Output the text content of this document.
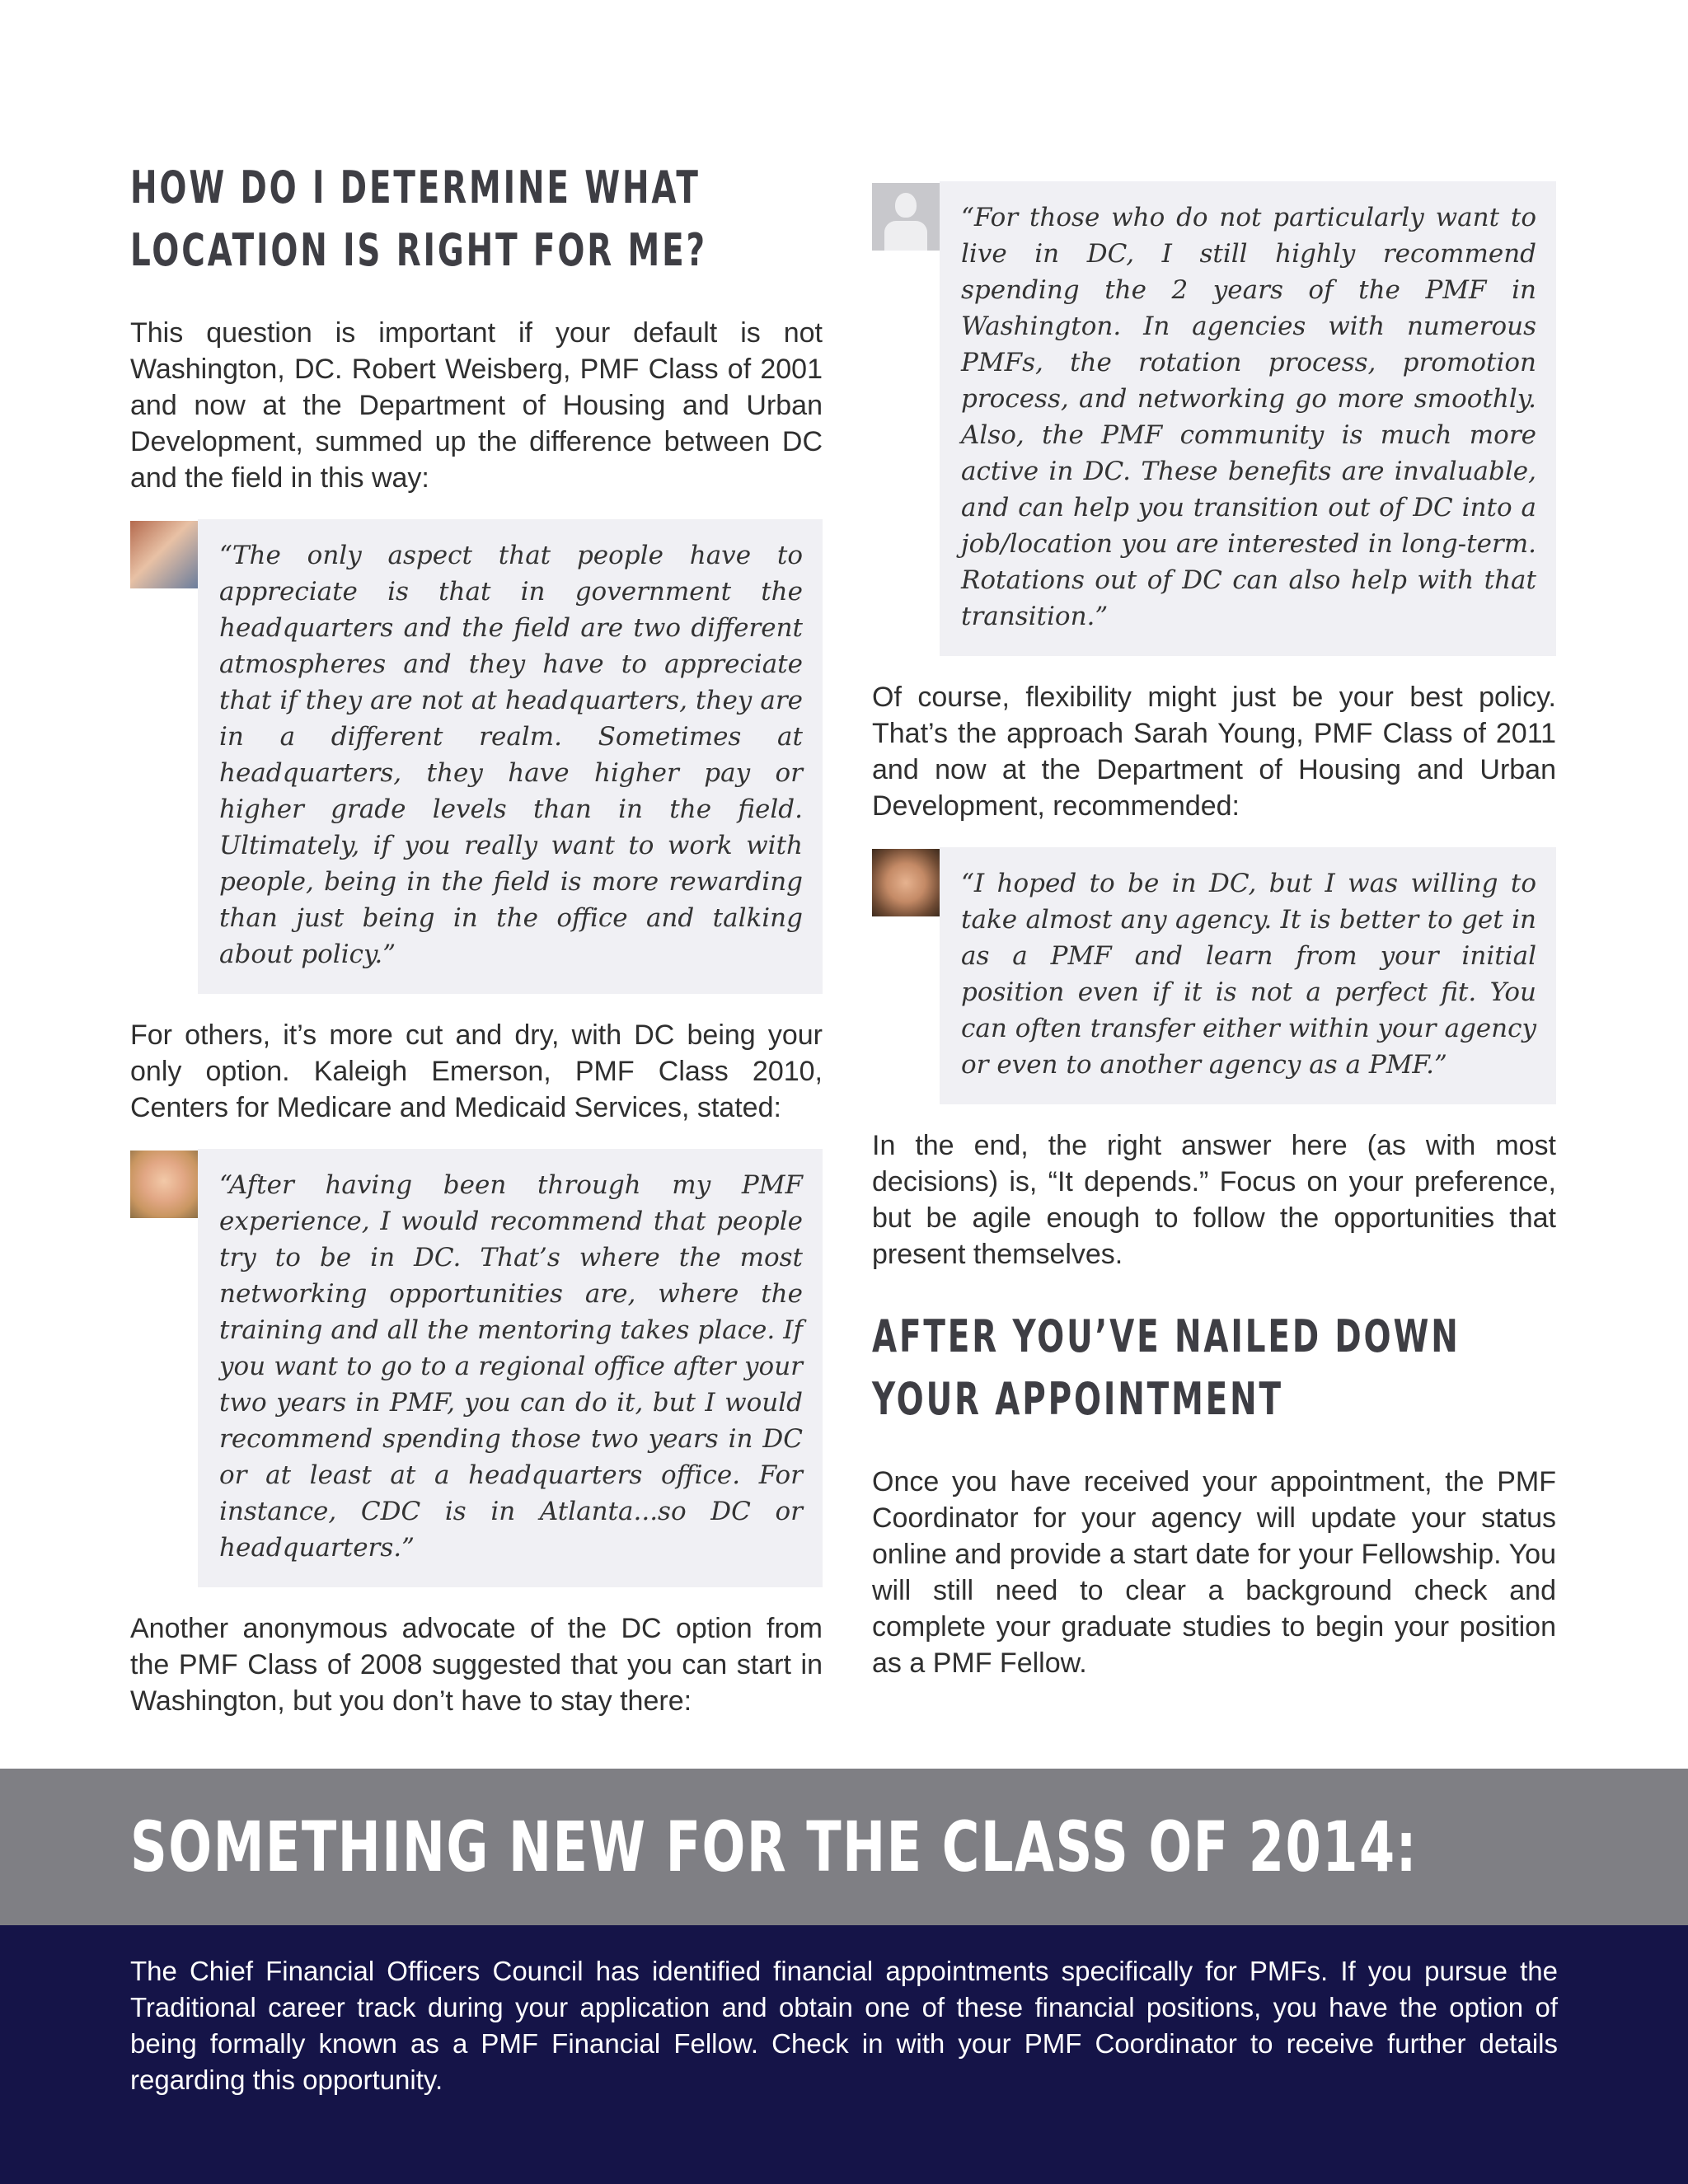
HOW DO I DETERMINE WHAT LOCATION IS RIGHT FOR ME?

This question is important if your default is not Washington, DC. Robert Weisberg, PMF Class of 2001 and now at the Department of Housing and Urban Development, summed up the difference between DC and the field in this way:

“The only aspect that people have to appreciate is that in government the headquarters and the field are two different atmospheres and they have to appreciate that if they are not at headquarters, they are in a different realm. Sometimes at headquarters, they have higher pay or higher grade levels than in the field. Ultimately, if you really want to work with people, being in the field is more rewarding than just being in the office and talking about policy.”

For others, it’s more cut and dry, with DC being your only option. Kaleigh Emerson, PMF Class 2010, Centers for Medicare and Medicaid Services, stated:

“After having been through my PMF experience, I would recommend that people try to be in DC. That’s where the most networking opportunities are, where the training and all the mentoring takes place. If you want to go to a regional office after your two years in PMF, you can do it, but I would recommend spending those two years in DC or at least at a headquarters office. For instance, CDC is in Atlanta...so DC or headquarters.”

Another anonymous advocate of the DC option from the PMF Class of 2008 suggested that you can start in Washington, but you don’t have to stay there:

“For those who do not particularly want to live in DC, I still highly recommend spending the 2 years of the PMF in Washington. In agencies with numerous PMFs, the rotation process, promotion process, and networking go more smoothly. Also, the PMF community is much more active in DC. These benefits are invaluable, and can help you transition out of DC into a job/location you are interested in long-term. Rotations out of DC can also help with that transition.”

Of course, flexibility might just be your best policy. That’s the approach Sarah Young, PMF Class of 2011 and now at the Department of Housing and Urban Development, recommended:

“I hoped to be in DC, but I was willing to take almost any agency. It is better to get in as a PMF and learn from your initial position even if it is not a perfect fit. You can often transfer either within your agency or even to another agency as a PMF.”

In the end, the right answer here (as with most decisions) is, “It depends.” Focus on your preference, but be agile enough to follow the opportunities that present themselves.

AFTER YOU’VE NAILED DOWN YOUR APPOINTMENT

Once you have received your appointment, the PMF Coordinator for your agency will update your status online and provide a start date for your Fellowship. You will still need to clear a background check and complete your graduate studies to begin your position as a PMF Fellow.

SOMETHING NEW FOR THE CLASS OF 2014:

The Chief Financial Officers Council has identified financial appointments specifically for PMFs. If you pursue the Traditional career track during your application and obtain one of these financial positions, you have the option of being formally known as a PMF Financial Fellow. Check in with your PMF Coordinator to receive further details regarding this opportunity.
